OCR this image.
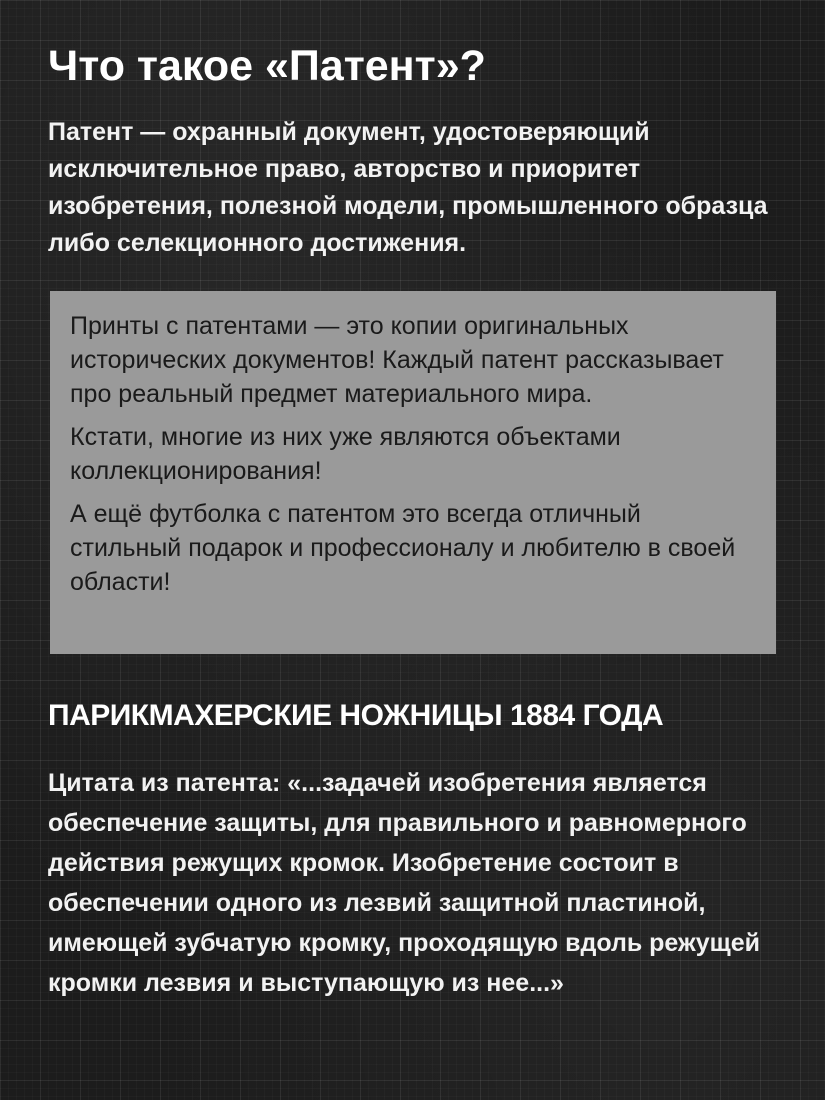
Что такое «Патент»?

Патент — охранный документ, удостоверяющий исключительное право, авторство и приоритет изобретения, полезной модели, промышленного образца либо селекционного достижения.

Принты с патентами — это копии оригинальных исторических документов! Каждый патент рассказывает про реальный предмет материального мира.

Кстати, многие из них уже являются объектами коллекционирования!

А ещё футболка с патентом это всегда отличный стильный подарок и профессионалу и любителю в своей области!

ПАРИКМАХЕРСКИЕ НОЖНИЦЫ 1884 ГОДА

Цитата из патента: «...задачей изобретения является обеспечение защиты, для правильного и равномерного действия режущих кромок. Изобретение состоит в обеспечении одного из лезвий защитной пластиной, имеющей зубчатую кромку, проходящую вдоль режущей кромки лезвия и выступающую из нее...»
